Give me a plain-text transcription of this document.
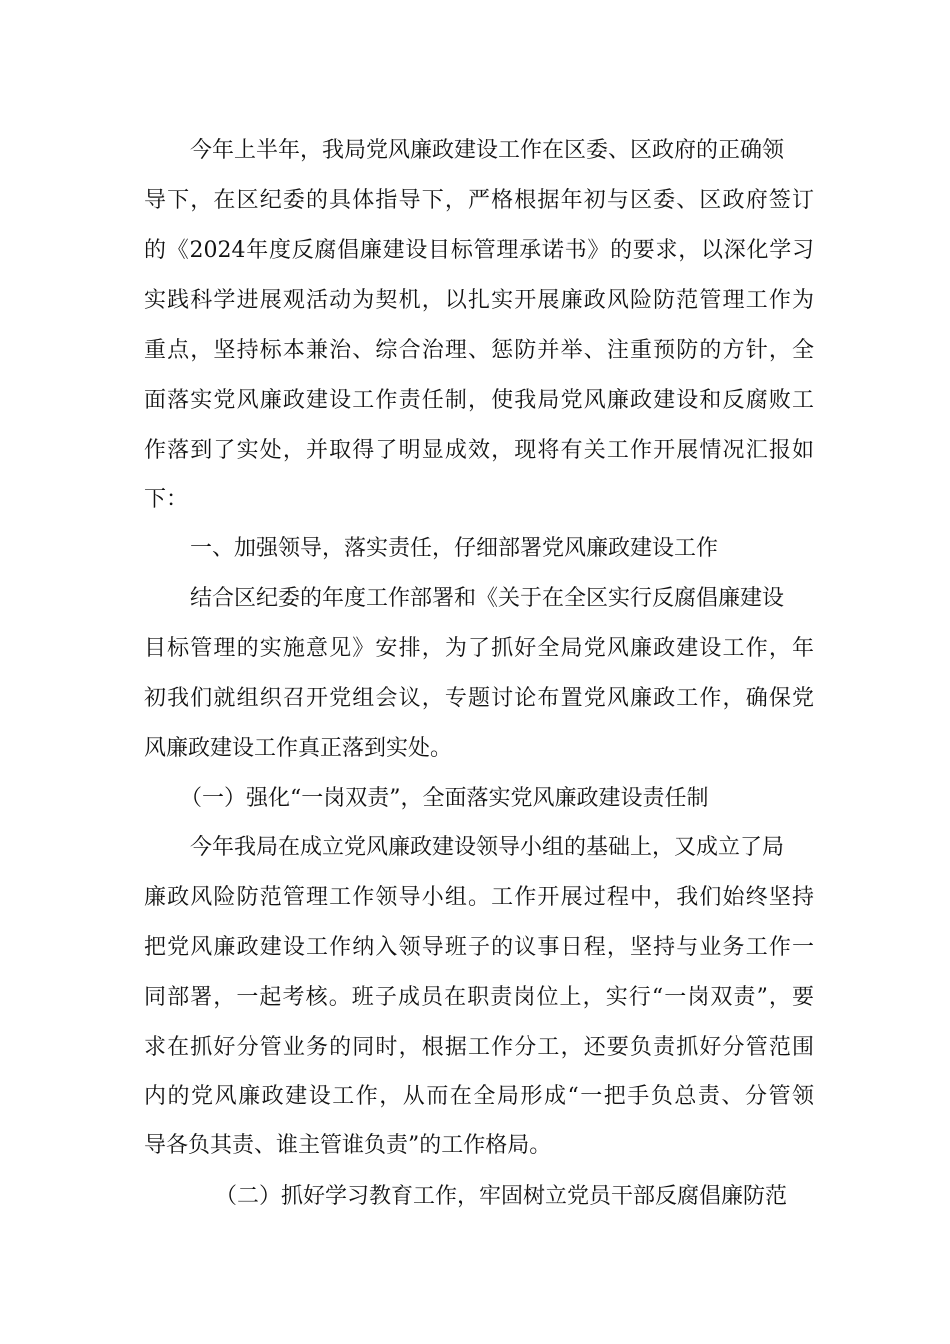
今年上半年，我局党风廉政建设工作在区委、区政府的正确领
导下，在区纪委的具体指导下，严格根据年初与区委、区政府签订
的《2024年度反腐倡廉建设目标管理承诺书》的要求，以深化学习
实践科学进展观活动为契机，以扎实开展廉政风险防范管理工作为
重点，坚持标本兼治、综合治理、惩防并举、注重预防的方针，全
面落实党风廉政建设工作责任制，使我局党风廉政建设和反腐败工
作落到了实处，并取得了明显成效，现将有关工作开展情况汇报如
下：
一、加强领导，落实责任，仔细部署党风廉政建设工作
结合区纪委的年度工作部署和《关于在全区实行反腐倡廉建设
目标管理的实施意见》安排，为了抓好全局党风廉政建设工作，年
初我们就组织召开党组会议，专题讨论布置党风廉政工作，确保党
风廉政建设工作真正落到实处。
（一）强化“一岗双责”，全面落实党风廉政建设责任制
今年我局在成立党风廉政建设领导小组的基础上，又成立了局
廉政风险防范管理工作领导小组。工作开展过程中，我们始终坚持
把党风廉政建设工作纳入领导班子的议事日程，坚持与业务工作一
同部署，一起考核。班子成员在职责岗位上，实行“一岗双责”，要
求在抓好分管业务的同时，根据工作分工，还要负责抓好分管范围
内的党风廉政建设工作，从而在全局形成“一把手负总责、分管领
导各负其责、谁主管谁负责”的工作格局。
（二）抓好学习教育工作，牢固树立党员干部反腐倡廉防范
